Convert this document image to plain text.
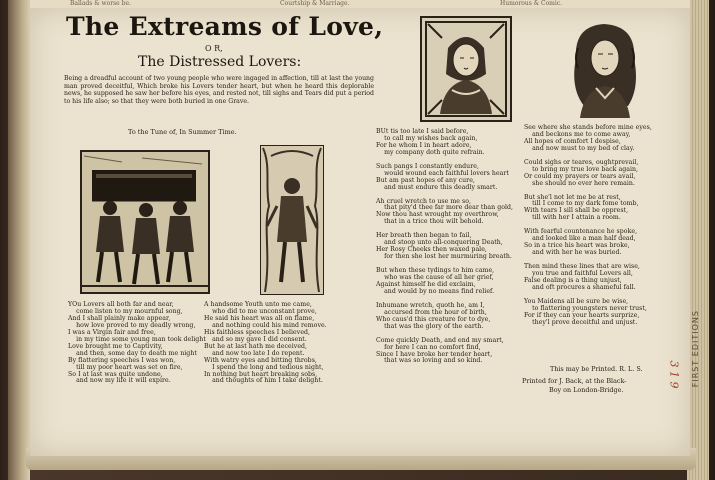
FIRST EDITIONS
Ballads & worse be.	Courtship & Marriage.	Humorous & Comic.
The Extreams of Love,
O R,
The Distressed Lovers:
Being a dreadful account of two young people who were ingaged in affection, till at last the young man proved deceitful, Which broke his Lovers tender heart, but when he heard this deplorable news, he supposed he saw her before his eyes, and rested not, till sighs and Tears did put a period to his life also; so that they were both buried in one Grave.
To the Tune of, In Summer Time.
YOu Lovers all both far and near,
come listen to my mournful song,
And I shall plainly make appear,
how love proved to my deadly wrong,
I was a Virgin fair and free,
in my time some young man took delight
Love brought me to Captivity,
and then, some day to death me night
By flattering speeches I was won,
till my poor heart was set on fire,
So I at last was quite undone,
and now my life it will expire.
A handsome Youth unto me came,
who did to me unconstant prove,
He said his heart was all on flame,
and nothing could his mind remove.
His faithless speeches I believed,
and so my gave I did consent.
But he at last hath me deceived,
and now too late I do repent.
With watry eyes and bitting throbs,
I spend the long and tedious night,
In nothing but heart breaking sobs,
and thoughts of him I take delight.
BUt tis too late I said before,
to call my wishes back again,
For he whom I in heart adore,
my company doth quite refrain.

Such pangs I constantly endure,
would wound each faithful lovers heart
But am past hopes of any cure,
and must endure this deadly smart.

Ah cruel wretch to use me so,
that pity'd thee far more dear than gold,
Now thou hast wrought my overthrow,
that in a trice thou wilt behold.

Her breath then began to fail,
and stoop unto all-conquering Death,
Her Rosy Cheeks then waxed pale,
for then she lost her murmuring breath.

But when these tydings to him came,
who was the cause of all her grief,
Against himself he did exclaim,
and would by no means find relief.

Inhumane wretch, quoth he, am I,
accursed from the hour of birth,
Who caus'd this creature for to dye,
that was the glory of the earth.

Come quickly Death, and end my smart,
for here I can no comfort find,
Since I have broke her tender heart,
that was so loving and so kind.
See where she stands before mine eyes,
and beckons me to come away,
All hopes of comfort I despise,
and now must to my bed of clay.

Could sighs or teares, oughtprevail,
to bring my true love back again,
Or could my prayers or tears avail,
she should no ever here remain.

But she'l not let me be at rest,
till I come to my dark fome tomb,
With tears I sill shall be opprest,
till with her I attain a room.

With fearful countenance he spoke,
and looked like a man half dead,
So in a trice his heart was broke,
and with her he was buried.

Then mind these lines that are wise,
you true and faithful Lovers all,
False dealing is a thing unjust,
and oft procures a shameful fall.

You Maidens all be sure be wise,
to flattering youngsters never trust,
For if they can your hearts surprize,
they'l prove deceitful and unjust.
This may be Printed. R. L. S.
Printed for J. Back, at the Black-
Boy on London-Bridge.
3 1 9
